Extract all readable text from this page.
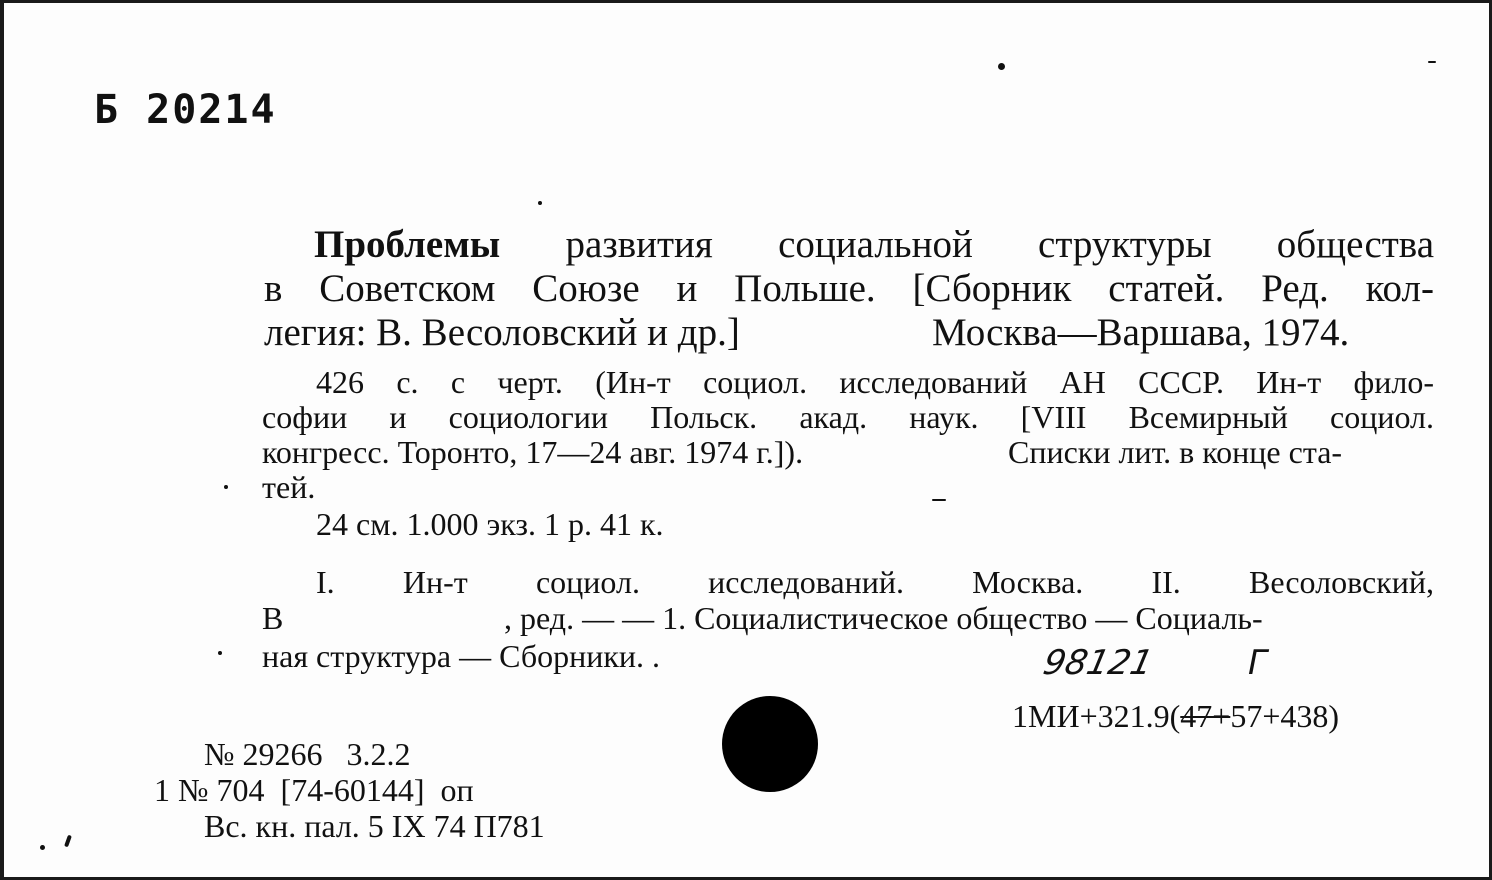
Б 20214
Проблемы развития социальной структуры общества
в Советском Союзе и Польше. [Сборник статей. Ред. кол-
легия: В. Весоловский и др.]	Москва—Варшава, 1974.
426 с. с черт. (Ин-т социол. исследований АН СССР. Ин-т фило-
софии и социологии Польск. акад. наук. [VIII Всемирный социол.
конгресс. Торонто, 17—24 авг. 1974 г.]).	Списки лит. в конце ста-
тей.
24 см. 1.000 экз. 1 р. 41 к.
I. Ин-т социол. исследований. Москва. II. Весоловский,
В	, ред. — — 1. Социалистическое общество — Социаль-
ная структура — Сборники. .	98121	Г
1МИ+321.9(47+57+438)
№ 29266   3.2.2
1 № 704  [74-60144]  оп
Вс. кн. пал. 5 IX 74 П781
